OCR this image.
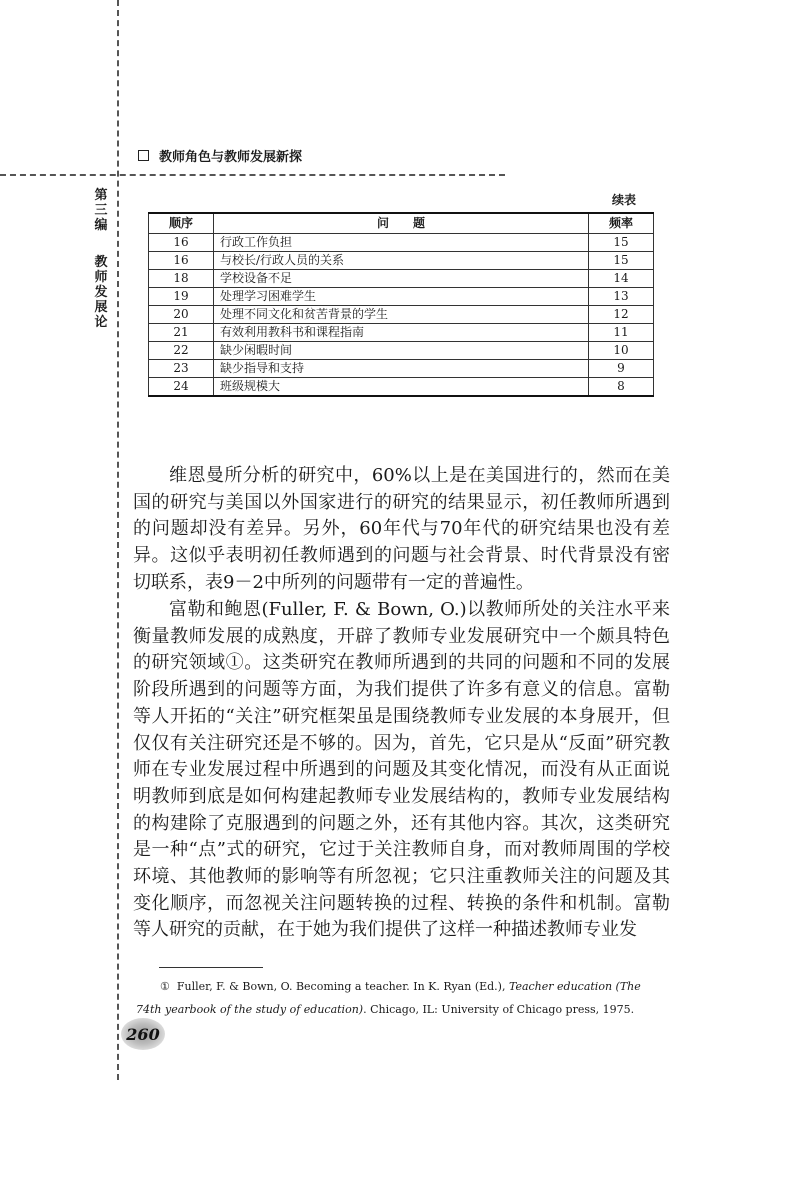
教师角色与教师发展新探
第
三
编
教
师
发
展
论
续表
顺序	问　　题	频率
16	行政工作负担	15
16	与校长/行政人员的关系	15
18	学校设备不足	14
19	处理学习困难学生	13
20	处理不同文化和贫苦背景的学生	12
21	有效利用教科书和课程指南	11
22	缺少闲暇时间	10
23	缺少指导和支持	9
24	班级规模大	8

维恩曼所分析的研究中，60%以上是在美国进行的，然而在美国的研究与美国以外国家进行的研究的结果显示，初任教师所遇到的问题却没有差异。另外，60年代与70年代的研究结果也没有差异。这似乎表明初任教师遇到的问题与社会背景、时代背景没有密切联系，表9－2中所列的问题带有一定的普遍性。

富勒和鲍恩(Fuller, F. & Bown, O.)以教师所处的关注水平来衡量教师发展的成熟度，开辟了教师专业发展研究中一个颇具特色的研究领域①。这类研究在教师所遇到的共同的问题和不同的发展阶段所遇到的问题等方面，为我们提供了许多有意义的信息。富勒等人开拓的“关注”研究框架虽是围绕教师专业发展的本身展开，但仅仅有关注研究还是不够的。因为，首先，它只是从“反面”研究教师在专业发展过程中所遇到的问题及其变化情况，而没有从正面说明教师到底是如何构建起教师专业发展结构的，教师专业发展结构的构建除了克服遇到的问题之外，还有其他内容。其次，这类研究是一种“点”式的研究，它过于关注教师自身，而对教师周围的学校环境、其他教师的影响等有所忽视；它只注重教师关注的问题及其变化顺序，而忽视关注问题转换的过程、转换的条件和机制。富勒等人研究的贡献，在于她为我们提供了这样一种描述教师专业发

① Fuller, F. & Bown, O. Becoming a teacher. In K. Ryan (Ed.), Teacher education (The 74th yearbook of the study of education). Chicago, IL: University of Chicago press, 1975.

260
